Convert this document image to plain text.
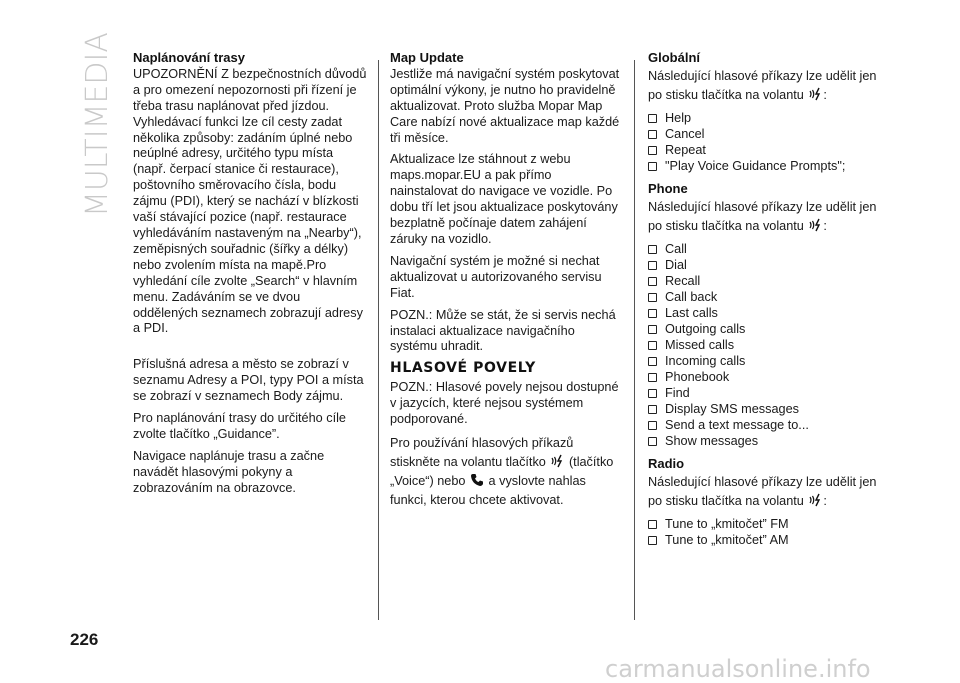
MULTIMEDIA Naplánování trasy

UPOZORNĚNÍ Z bezpečnostních důvodů a pro omezení nepozornosti při řízení je třeba trasu naplánovat před jízdou. Vyhledávací funkci lze cíl cesty zadat několika způsoby: zadáním úplné nebo neúplné adresy, určitého typu místa (např. čerpací stanice či restaurace), poštovního směrovacího čísla, bodu zájmu (PDI), který se nachází v blízkosti vaší stávající pozice (např. restaurace vyhledáváním nastaveným na „Nearby“), zeměpisných souřadnic (šířky a délky) nebo zvolením místa na mapě.Pro vyhledání cíle zvolte „Search“ v hlavním menu. Zadáváním se ve dvou oddělených seznamech zobrazují adresy a PDI.

Příslušná adresa a město se zobrazí v seznamu Adresy a POI, typy POI a místa se zobrazí v seznamech Body zájmu.

Pro naplánování trasy do určitého cíle zvolte tlačítko „Guidance”.

Navigace naplánuje trasu a začne navádět hlasovými pokyny a zobrazováním na obrazovce.

Map Update

Jestliže má navigační systém poskytovat optimální výkony, je nutno ho pravidelně aktualizovat. Proto služba Mopar Map Care nabízí nové aktualizace map každé tři měsíce.

Aktualizace lze stáhnout z webu maps.mopar.EU a pak přímo nainstalovat do navigace ve vozidle. Po dobu tří let jsou aktualizace poskytovány bezplatně počínaje datem zahájení záruky na vozidlo.

Navigační systém je možné si nechat aktualizovat u autorizovaného servisu Fiat.

POZN.: Může se stát, že si servis nechá instalaci aktualizace navigačního systému uhradit.

HLASOVÉ POVELY

POZN.: Hlasové povely nejsou dostupné v jazycích, které nejsou systémem podporované.

Pro používání hlasových příkazů stiskněte na volantu tlačítko (tlačítko „Voice“) nebo a vyslovte nahlas funkci, kterou chcete aktivovat.

Globální

Následující hlasové příkazy lze udělit jen po stisku tlačítka na volantu :

Help
Cancel
Repeat
"Play Voice Guidance Prompts";
Phone

Následující hlasové příkazy lze udělit jen po stisku tlačítka na volantu :

Call
Dial
Recall
Call back
Last calls
Outgoing calls
Missed calls
Incoming calls
Phonebook
Find
Display SMS messages
Send a text message to...
Show messages
Radio

Následující hlasové příkazy lze udělit jen po stisku tlačítka na volantu :

Tune to „kmitočet” FM
Tune to „kmitočet” AM
226
carmanualsonline.info
